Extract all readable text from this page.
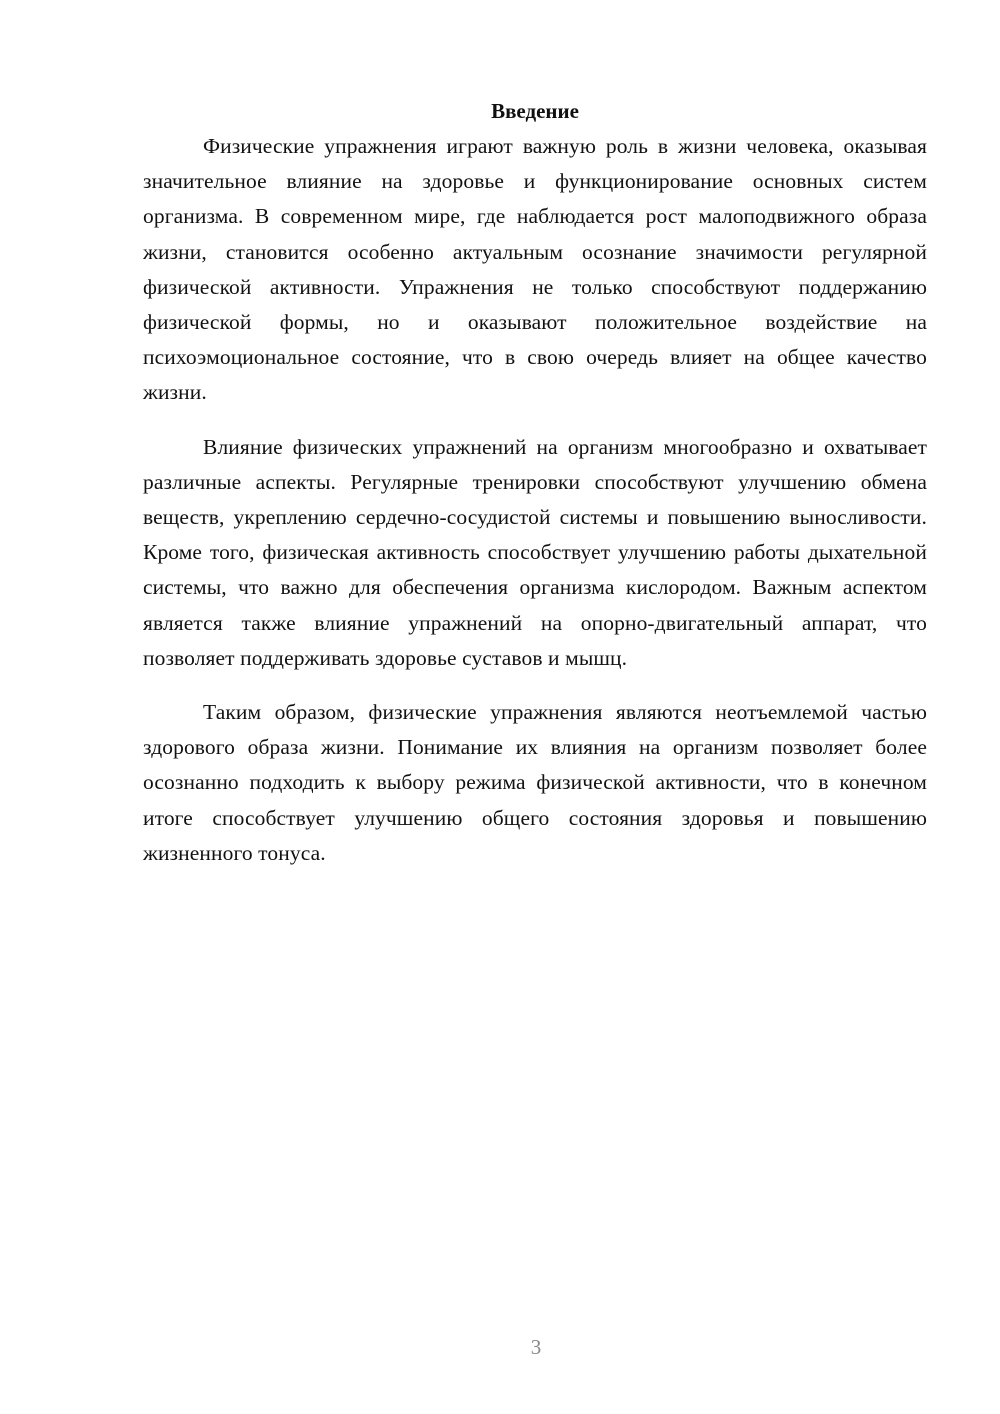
Введение

Физические упражнения играют важную роль в жизни человека, оказывая значительное влияние на здоровье и функционирование основных систем организма. В современном мире, где наблюдается рост малоподвижного образа жизни, становится особенно актуальным осознание значимости регулярной физической активности. Упражнения не только способствуют поддержанию физической формы, но и оказывают положительное воздействие на психоэмоциональное состояние, что в свою очередь влияет на общее качество жизни.

Влияние физических упражнений на организм многообразно и охватывает различные аспекты. Регулярные тренировки способствуют улучшению обмена веществ, укреплению сердечно-сосудистой системы и повышению выносливости. Кроме того, физическая активность способствует улучшению работы дыхательной системы, что важно для обеспечения организма кислородом. Важным аспектом является также влияние упражнений на опорно-двигательный аппарат, что позволяет поддерживать здоровье суставов и мышц.

Таким образом, физические упражнения являются неотъемлемой частью здорового образа жизни. Понимание их влияния на организм позволяет более осознанно подходить к выбору режима физической активности, что в конечном итоге способствует улучшению общего состояния здоровья и повышению жизненного тонуса.

3
